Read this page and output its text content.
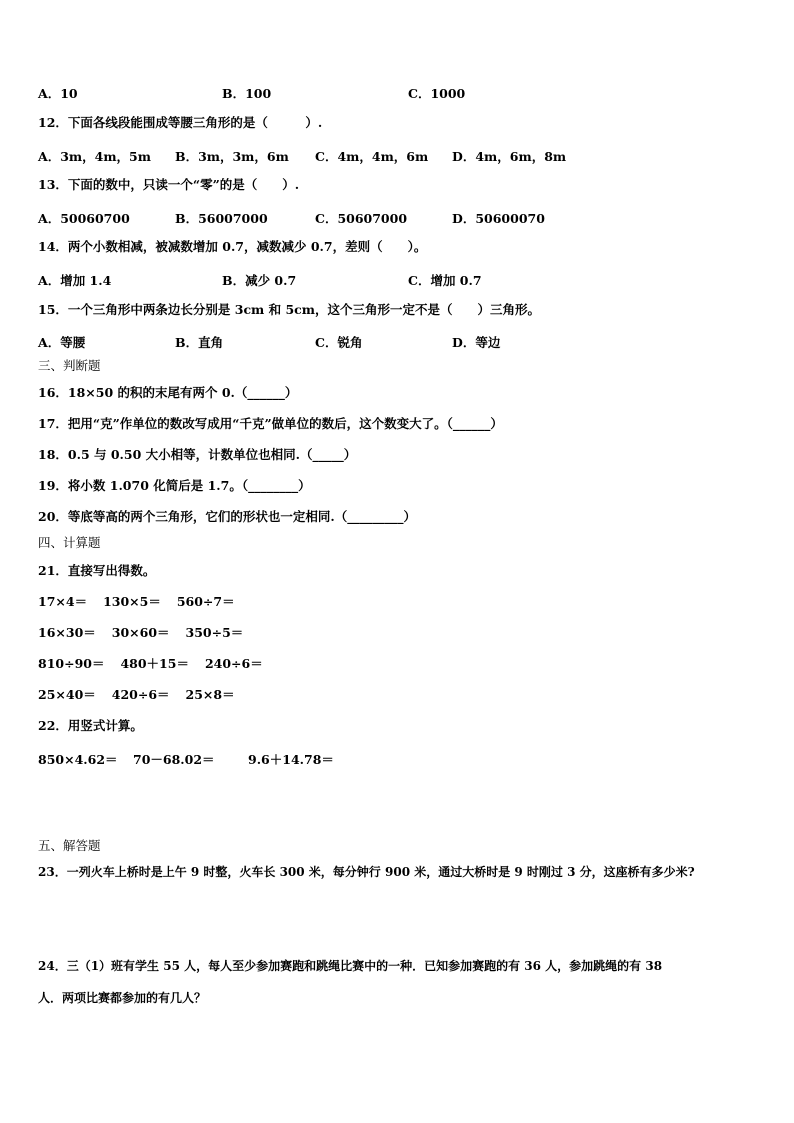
A．10	B．100	C．1000
12．下面各线段能围成等腰三角形的是（　　　）.
A．3m，4m，5m B．3m，3m，6m C．4m，4m，6m D．4m，6m，8m
13．下面的数中，只读一个“零”的是（　　）.
A．50060700	B．56007000	C．50607000	D．50600070
14．两个小数相减，被减数增加 0.7，减数减少 0.7，差则（　　）。
A．增加 1.4	B．减少 0.7	C．增加 0.7
15．一个三角形中两条边长分别是 3cm 和 5cm，这个三角形一定不是（　　）三角形。
A．等腰	B．直角	C．锐角	D．等边
三、判断题
16．18×50 的积的末尾有两个 0.（______）
17．把用“克”作单位的数改写成用“千克”做单位的数后，这个数变大了。（______）
18．0.5 与 0.50 大小相等，计数单位也相同.（_____）
19．将小数 1.070 化简后是 1.7。（________）
20．等底等高的两个三角形，它们的形状也一定相同.（_________）
四、计算题
21．直接写出得数。
17×4＝ 130×5＝ 560÷7＝
16×30＝ 30×60＝ 350÷5＝
810÷90＝ 480＋15＝ 240÷6＝
25×40＝ 420÷6＝ 25×8＝
22．用竖式计算。
850×4.62＝ 70－68.02＝	9.6＋14.78＝
五、解答题
23．一列火车上桥时是上午 9 时整，火车长 300 米，每分钟行 900 米，通过大桥时是 9 时刚过 3 分，这座桥有多少米?
24．三（1）班有学生 55 人，每人至少参加赛跑和跳绳比赛中的一种．已知参加赛跑的有 36 人，参加跳绳的有 38
人．两项比赛都参加的有几人？
